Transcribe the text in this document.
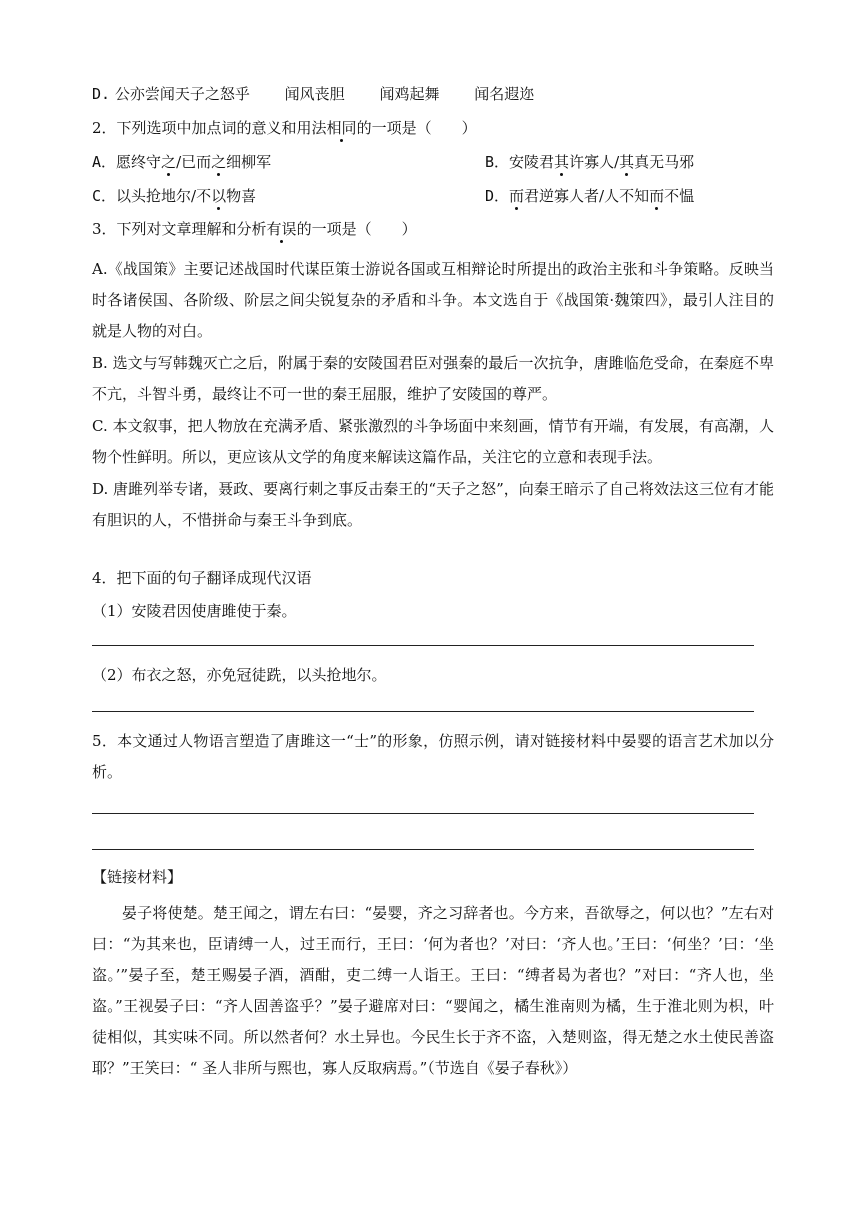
D. 公亦尝闻天子之怒乎 闻风丧胆 闻鸡起舞 闻名遐迩
2．下列选项中加点词的意义和用法相同的一项是（　　）
A．愿终守之/已而之细柳军	B．安陵君其许寡人/其真无马邪
C．以头抢地尔/不以物喜	D．而君逆寡人者/人不知而不愠
3．下列对文章理解和分析有误的一项是（　　）
A.《战国策》主要记述战国时代谋臣策士游说各国或互相辩论时所提出的政治主张和斗争策略。反映当时各诸侯国、各阶级、阶层之间尖锐复杂的矛盾和斗争。本文选自于《战国策·魏策四》，最引人注目的就是人物的对白。
B. 选文与写韩魏灭亡之后，附属于秦的安陵国君臣对强秦的最后一次抗争，唐雎临危受命，在秦庭不卑不亢，斗智斗勇，最终让不可一世的秦王屈服，维护了安陵国的尊严。
C. 本文叙事，把人物放在充满矛盾、紧张激烈的斗争场面中来刻画，情节有开端，有发展，有高潮，人物个性鲜明。所以，更应该从文学的角度来解读这篇作品，关注它的立意和表现手法。
D. 唐雎列举专诸，聂政、要离行刺之事反击秦王的“天子之怒”，向秦王暗示了自己将效法这三位有才能有胆识的人，不惜拼命与秦王斗争到底。
4．把下面的句子翻译成现代汉语
（1）安陵君因使唐雎使于秦。
（2）布衣之怒，亦免冠徒跣，以头抢地尔。
5．本文通过人物语言塑造了唐雎这一“士”的形象，仿照示例，请对链接材料中晏婴的语言艺术加以分析。
【链接材料】
晏子将使楚。楚王闻之，谓左右曰：“晏婴，齐之习辞者也。今方来，吾欲辱之，何以也？”左右对曰：“为其来也，臣请缚一人，过王而行，王曰：‘何为者也？’对曰：‘齐人也。’王曰：‘何坐？’曰：‘坐盗。’”晏子至，楚王赐晏子酒，酒酣，吏二缚一人诣王。王曰：“缚者曷为者也？”对曰：“齐人也，坐盗。”王视晏子曰：“齐人固善盗乎？”晏子避席对曰：“婴闻之，橘生淮南则为橘，生于淮北则为枳，叶徒相似，其实味不同。所以然者何？水土异也。今民生长于齐不盗，入楚则盗，得无楚之水土使民善盗耶？”王笑曰：“ 圣人非所与熙也，寡人反取病焉。”（节选自《晏子春秋》）
